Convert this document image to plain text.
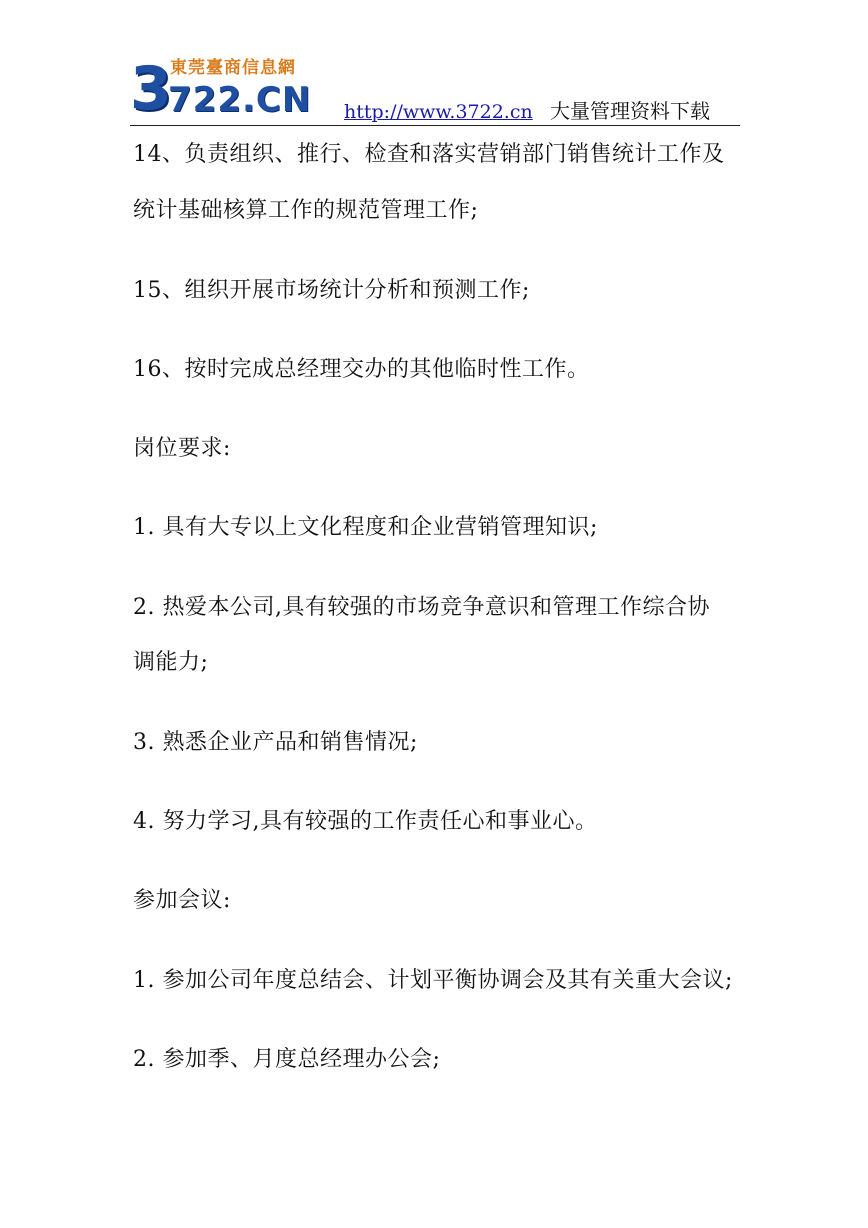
3
東莞臺商信息網
722.CN http://www.3722.cn 大量管理资料下载
14、负责组织、推行、检查和落实营销部门销售统计工作及
统计基础核算工作的规范管理工作;
15、组织开展市场统计分析和预测工作;
16、按时完成总经理交办的其他临时性工作。
岗位要求:
1. 具有大专以上文化程度和企业营销管理知识;
2. 热爱本公司,具有较强的市场竞争意识和管理工作综合协
调能力;
3. 熟悉企业产品和销售情况;
4. 努力学习,具有较强的工作责任心和事业心。
参加会议:
1. 参加公司年度总结会、计划平衡协调会及其有关重大会议;
2. 参加季、月度总经理办公会;
